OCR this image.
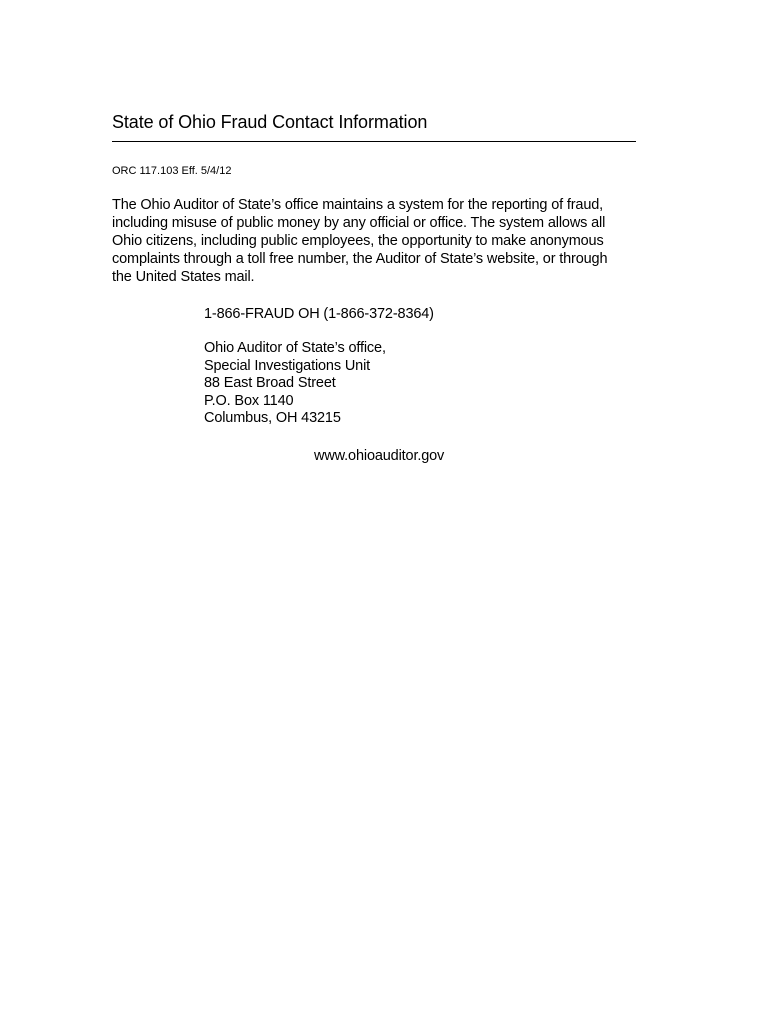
State of Ohio Fraud Contact Information
ORC 117.103 Eff. 5/4/12

The Ohio Auditor of State’s office maintains a system for the reporting of fraud,
including misuse of public money by any official or office. The system allows all
Ohio citizens, including public employees, the opportunity to make anonymous
complaints through a toll free number, the Auditor of State’s website, or through
the United States mail.

1-866-FRAUD OH (1-866-372-8364)
Ohio Auditor of State’s office,
Special Investigations Unit
88 East Broad Street
P.O. Box 1140
Columbus, OH 43215
www.ohioauditor.gov
